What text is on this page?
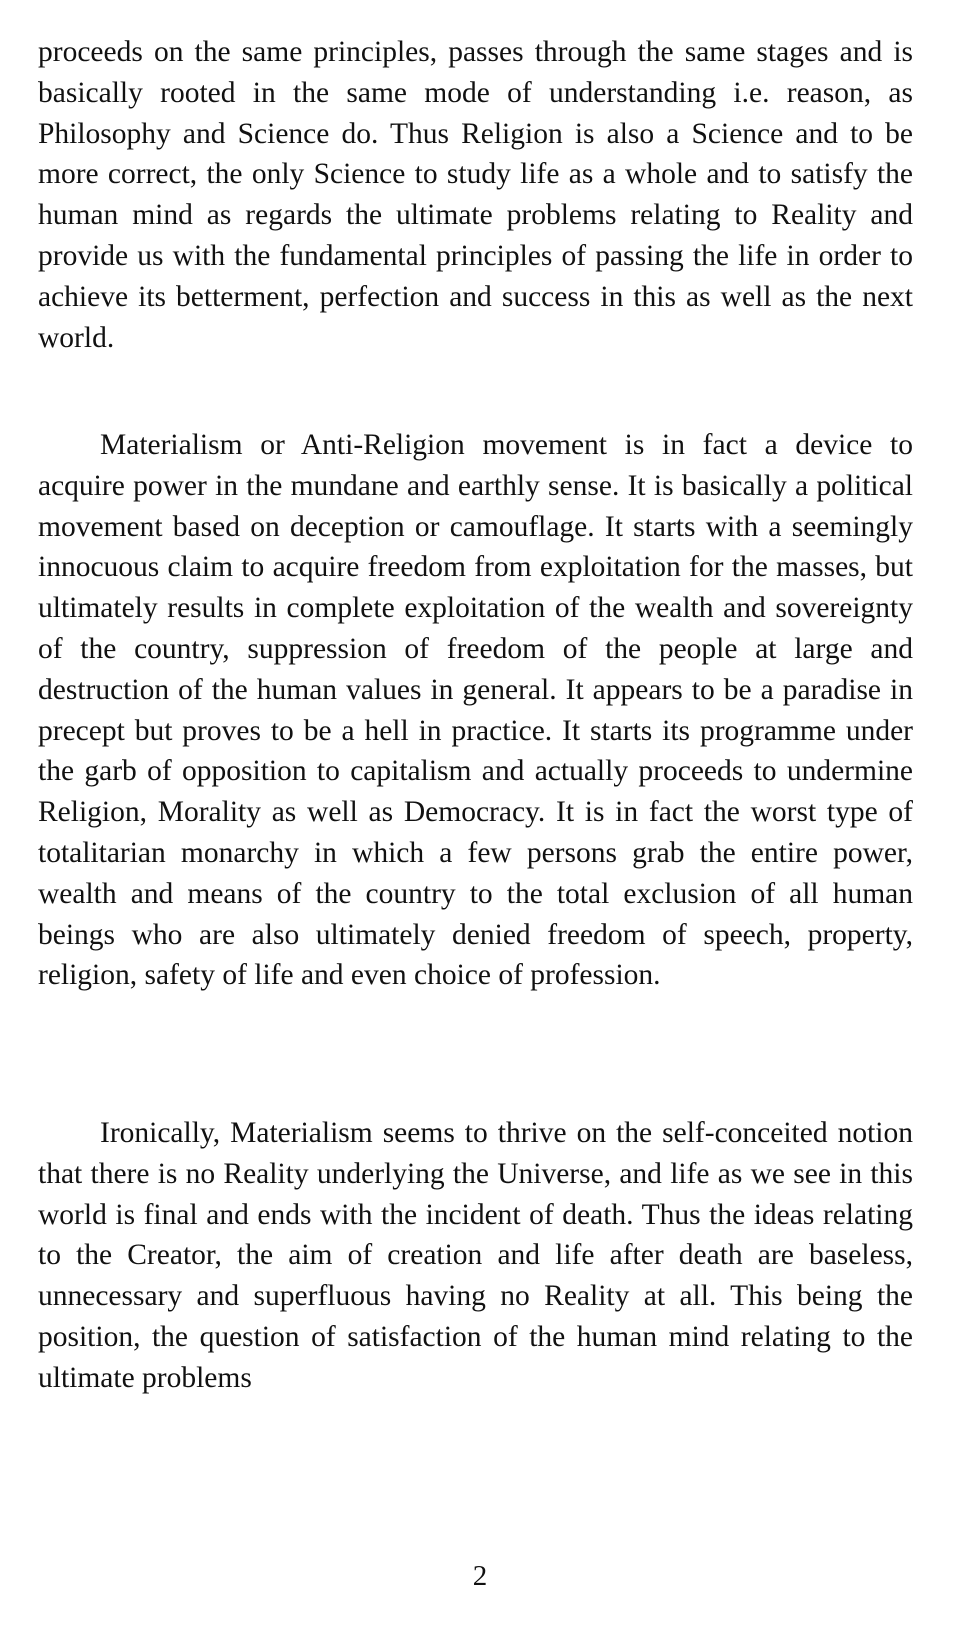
proceeds on the same principles, passes through the same stages and is basically rooted in the same mode of understanding i.e. reason, as Philosophy and Science do. Thus Religion is also a Science and to be more correct, the only Science to study life as a whole and to satisfy the human mind as regards the ultimate problems relating to Reality and provide us with the fundamental principles of passing the life in order to achieve its betterment, perfection and success in this as well as the next world.

Materialism or Anti-Religion movement is in fact a device to acquire power in the mundane and earthly sense. It is basically a political movement based on deception or camouflage. It starts with a seemingly innocuous claim to acquire freedom from exploitation for the masses, but ultimately results in complete exploitation of the wealth and sovereignty of the country, suppression of freedom of the people at large and destruction of the human values in general. It appears to be a paradise in precept but proves to be a hell in practice. It starts its programme under the garb of opposition to capitalism and actually proceeds to undermine Religion, Morality as well as Democracy. It is in fact the worst type of totalitarian monarchy in which a few persons grab the entire power, wealth and means of the country to the total exclusion of all human beings who are also ultimately denied freedom of speech, property, religion, safety of life and even choice of profession.

Ironically, Materialism seems to thrive on the self-conceited notion that there is no Reality underlying the Universe, and life as we see in this world is final and ends with the incident of death. Thus the ideas relating to the Creator, the aim of creation and life after death are baseless, unnecessary and superfluous having no Reality at all. This being the position, the question of satisfaction of the human mind relating to the ultimate problems

2
